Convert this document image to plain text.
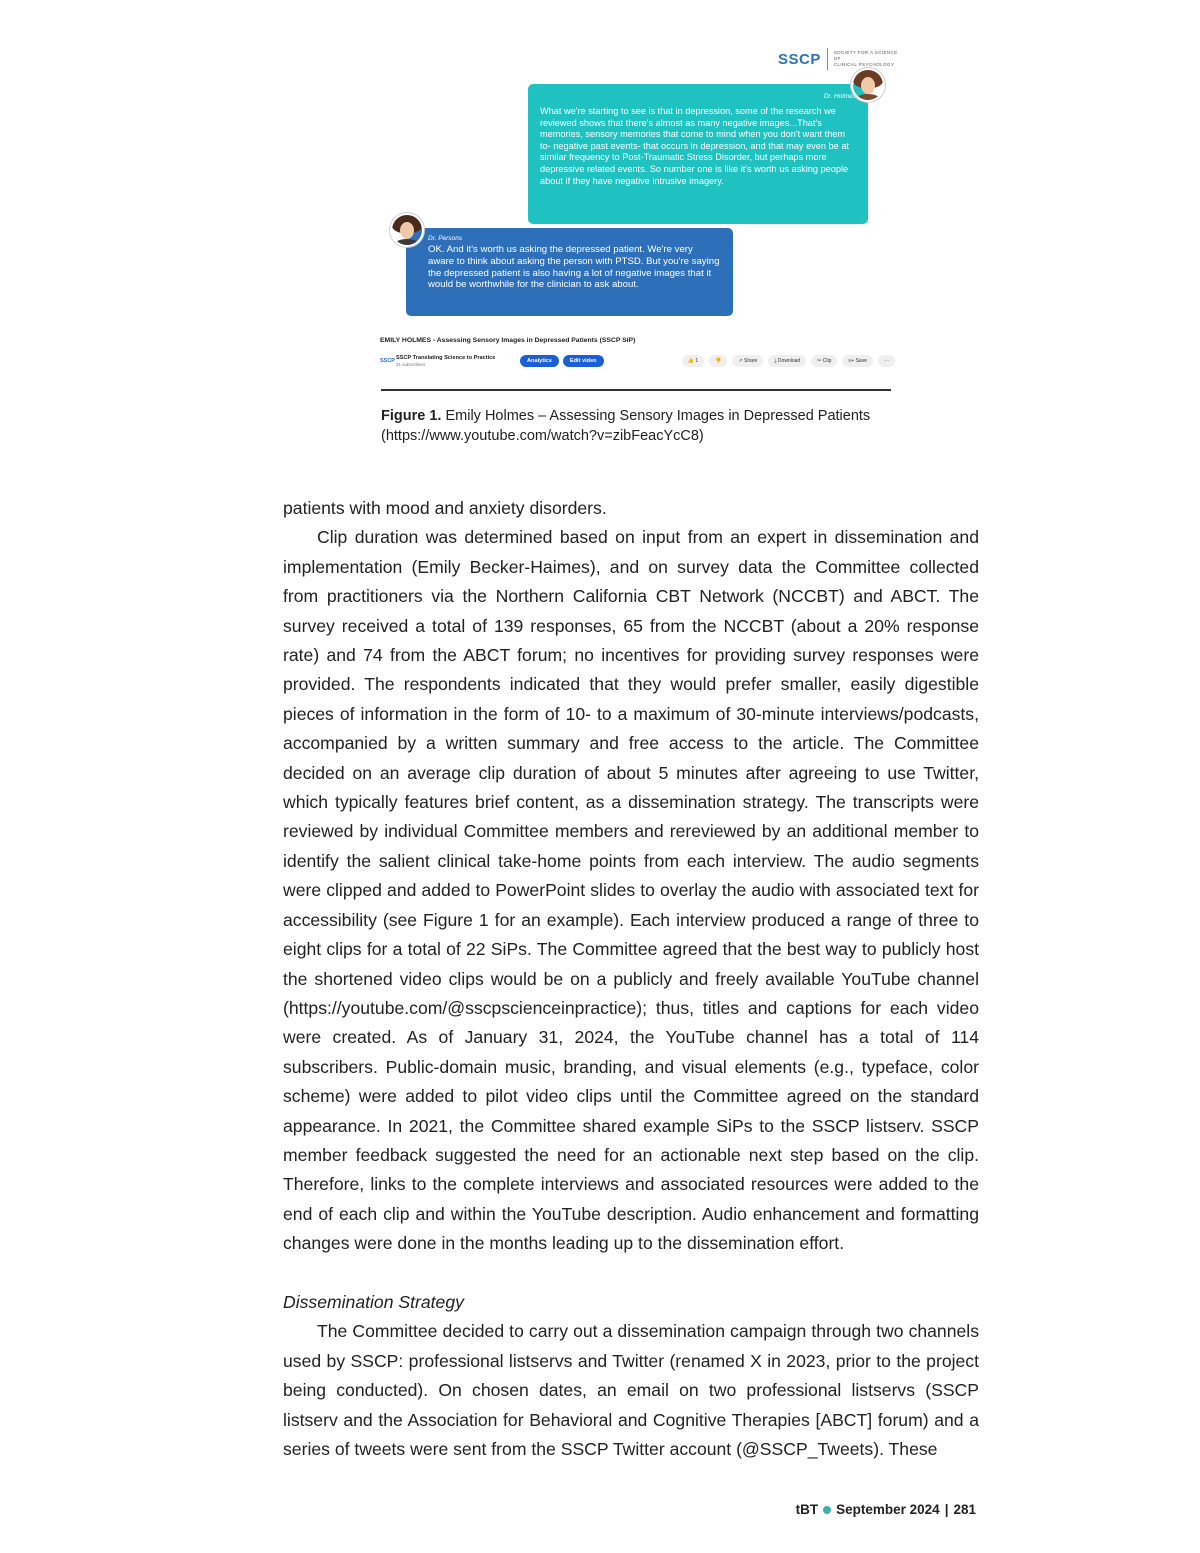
SSCP	SOCIETY FOR A SCIENCE OF
CLINICAL PSYCHOLOGY
Dr. Holmes
What we're starting to see is that in depression, some of the research we reviewed shows that there's almost as many negative images...That's memories, sensory memories that come to mind when you don't want them to- negative past events- that occurs in depression, and that may even be at similar frequency to Post-Traumatic Stress Disorder, but perhaps more depressive related events. So number one is like it's worth us asking people about if they have negative intrusive imagery.
Dr. Persons
OK. And it's worth us asking the depressed patient. We're very aware to think about asking the person with PTSD. But you're saying the depressed patient is also having a lot of negative images that it would be worthwhile for the clinician to ask about.
EMILY HOLMES - Assessing Sensory Images in Depressed Patients (SSCP SiP)
SSCP
SSCP Translating Science to Practice
31 subscribers	Analytics	Edit video	👍 1	👎	↗ Share	⤓ Download	✂ Clip	≡+ Save	···
Figure 1. Emily Holmes – Assessing Sensory Images in Depressed Patients (https://www.youtube.com/watch?v=zibFeacYcC8)

patients with mood and anxiety disorders.

Clip duration was determined based on input from an expert in dissemination and implementation (Emily Becker-Haimes), and on survey data the Committee collected from practitioners via the Northern California CBT Network (NCCBT) and ABCT. The survey received a total of 139 responses, 65 from the NCCBT (about a 20% response rate) and 74 from the ABCT forum; no incentives for providing survey responses were provided. The respondents indicated that they would prefer smaller, easily digestible pieces of information in the form of 10- to a maximum of 30-minute interviews/podcasts, accompanied by a written summary and free access to the article. The Committee decided on an average clip duration of about 5 minutes after agreeing to use Twitter, which typically features brief content, as a dissemination strategy. The transcripts were reviewed by individual Committee members and rereviewed by an additional member to identify the salient clinical take-home points from each interview. The audio segments were clipped and added to PowerPoint slides to overlay the audio with associated text for accessibility (see Figure 1 for an example). Each interview produced a range of three to eight clips for a total of 22 SiPs. The Committee agreed that the best way to publicly host the shortened video clips would be on a publicly and freely available YouTube channel (https://youtube.com/@sscpscienceinpractice); thus, titles and captions for each video were created. As of January 31, 2024, the YouTube channel has a total of 114 subscribers. Public-domain music, branding, and visual elements (e.g., typeface, color scheme) were added to pilot video clips until the Committee agreed on the standard appearance. In 2021, the Committee shared example SiPs to the SSCP listserv. SSCP member feedback suggested the need for an actionable next step based on the clip. Therefore, links to the complete interviews and associated resources were added to the end of each clip and within the YouTube description. Audio enhancement and formatting changes were done in the months leading up to the dissemination effort.

Dissemination Strategy

The Committee decided to carry out a dissemination campaign through two channels used by SSCP: professional listservs and Twitter (renamed X in 2023, prior to the project being conducted). On chosen dates, an email on two professional listservs (SSCP listserv and the Association for Behavioral and Cognitive Therapies [ABCT] forum) and a series of tweets were sent from the SSCP Twitter account (@SSCP_Tweets). These

tBT September 2024 | 281
